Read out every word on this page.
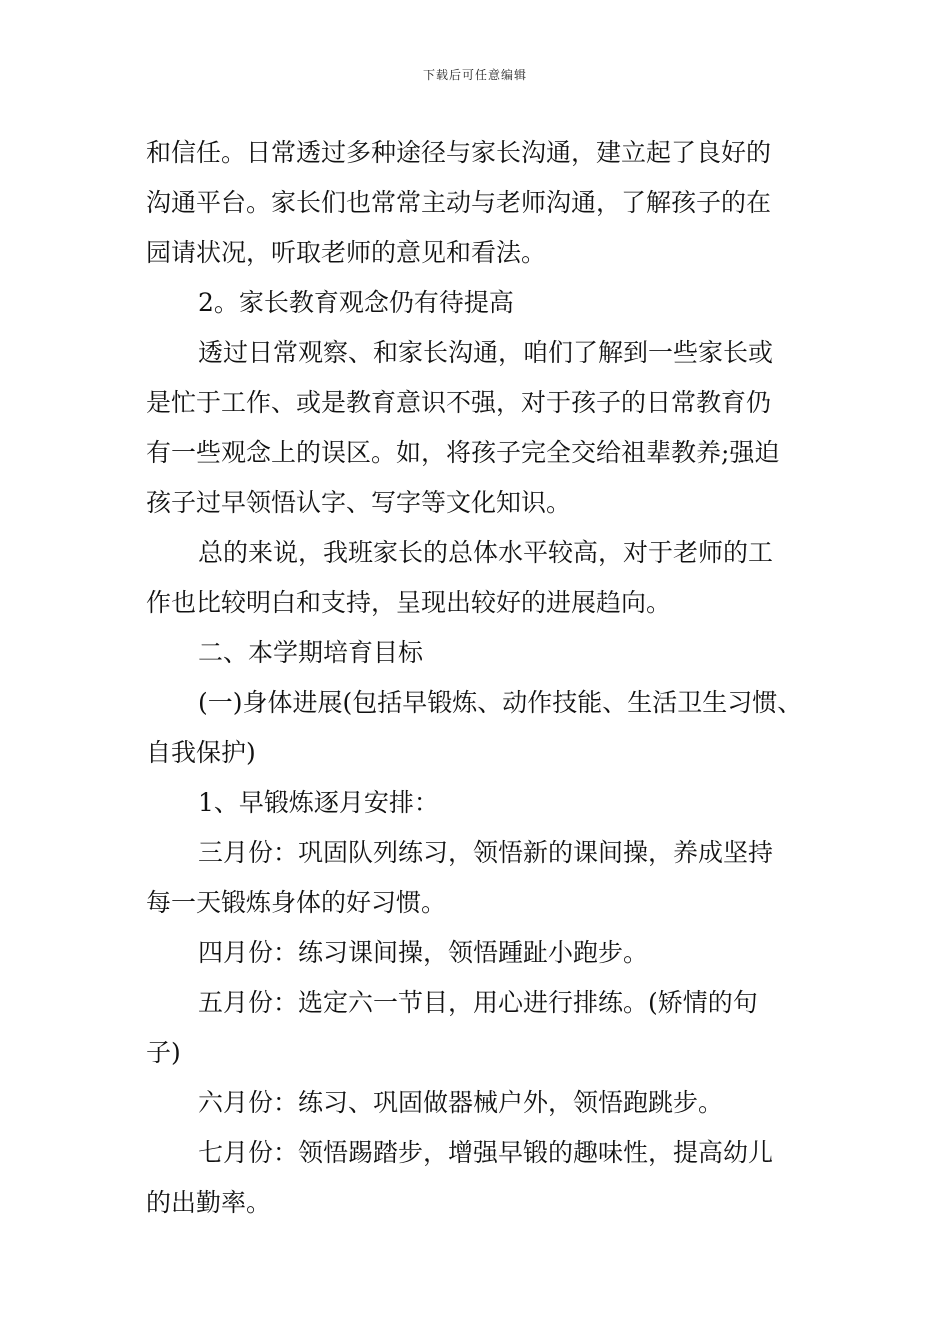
下载后可任意编辑
和信任。日常透过多种途径与家长沟通，建立起了良好的
沟通平台。家长们也常常主动与老师沟通，了解孩子的在
园请状况，听取老师的意见和看法。
2。家长教育观念仍有待提高
透过日常观察、和家长沟通，咱们了解到一些家长或
是忙于工作、或是教育意识不强，对于孩子的日常教育仍
有一些观念上的误区。如，将孩子完全交给祖辈教养;强迫
孩子过早领悟认字、写字等文化知识。
总的来说，我班家长的总体水平较高，对于老师的工
作也比较明白和支持，呈现出较好的进展趋向。
二、本学期培育目标
(一)身体进展(包括早锻炼、动作技能、生活卫生习惯、
自我保护)
1、早锻炼逐月安排：
三月份：巩固队列练习，领悟新的课间操，养成坚持
每一天锻炼身体的好习惯。
四月份：练习课间操，领悟踵趾小跑步。
五月份：选定六一节目，用心进行排练。(矫情的句
子)
六月份：练习、巩固做器械户外，领悟跑跳步。
七月份：领悟踢踏步，增强早锻的趣味性，提高幼儿
的出勤率。
